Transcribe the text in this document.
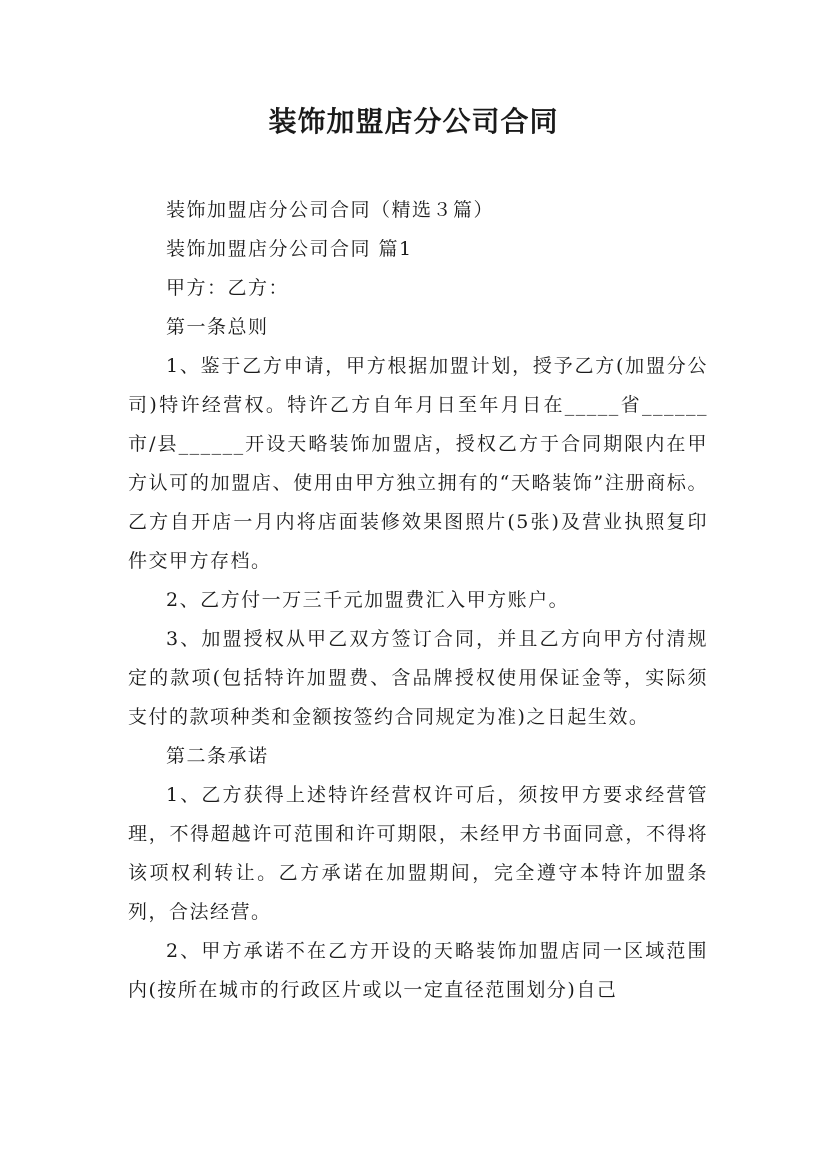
装饰加盟店分公司合同

装饰加盟店分公司合同（精选３篇）

装饰加盟店分公司合同 篇1

甲方：乙方：

第一条总则

1、鉴于乙方申请，甲方根据加盟计划，授予乙方(加盟分公司)特许经营权。特许乙方自年月日至年月日在_____省______市/县______开设天略装饰加盟店，授权乙方于合同期限内在甲方认可的加盟店、使用由甲方独立拥有的“天略装饰”注册商标。乙方自开店一月内将店面装修效果图照片(5张)及营业执照复印件交甲方存档。

2、乙方付一万三千元加盟费汇入甲方账户。

3、加盟授权从甲乙双方签订合同，并且乙方向甲方付清规定的款项(包括特许加盟费、含品牌授权使用保证金等，实际须支付的款项种类和金额按签约合同规定为准)之日起生效。

第二条承诺

1、乙方获得上述特许经营权许可后，须按甲方要求经营管理，不得超越许可范围和许可期限，未经甲方书面同意，不得将该项权利转让。乙方承诺在加盟期间，完全遵守本特许加盟条列，合法经营。

2、甲方承诺不在乙方开设的天略装饰加盟店同一区域范围内(按所在城市的行政区片或以一定直径范围划分)自己
